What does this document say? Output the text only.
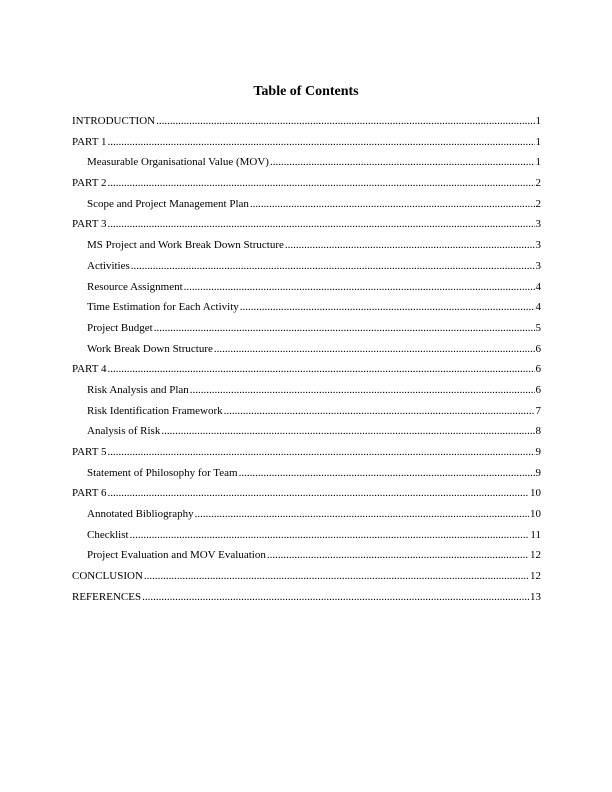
Table of Contents
INTRODUCTION .....	1
PART 1 .....	1
Measurable Organisational Value (MOV) .....	1
PART 2 .....	2
Scope and Project Management Plan .....	2
PART 3 .....	3
MS Project and Work Break Down Structure .....	3
Activities .....	3
Resource Assignment .....	4
Time Estimation for Each Activity .....	4
Project Budget .....	5
Work Break Down Structure .....	6
PART 4 .....	6
Risk Analysis and Plan .....	6
Risk Identification Framework .....	7
Analysis of Risk .....	8
PART 5 .....	9
Statement of Philosophy for Team .....	9
PART 6 .....	10
Annotated Bibliography .....	10
Checklist .....	11
Project Evaluation and MOV Evaluation .....	12
CONCLUSION .....	12
REFERENCES .....	13
